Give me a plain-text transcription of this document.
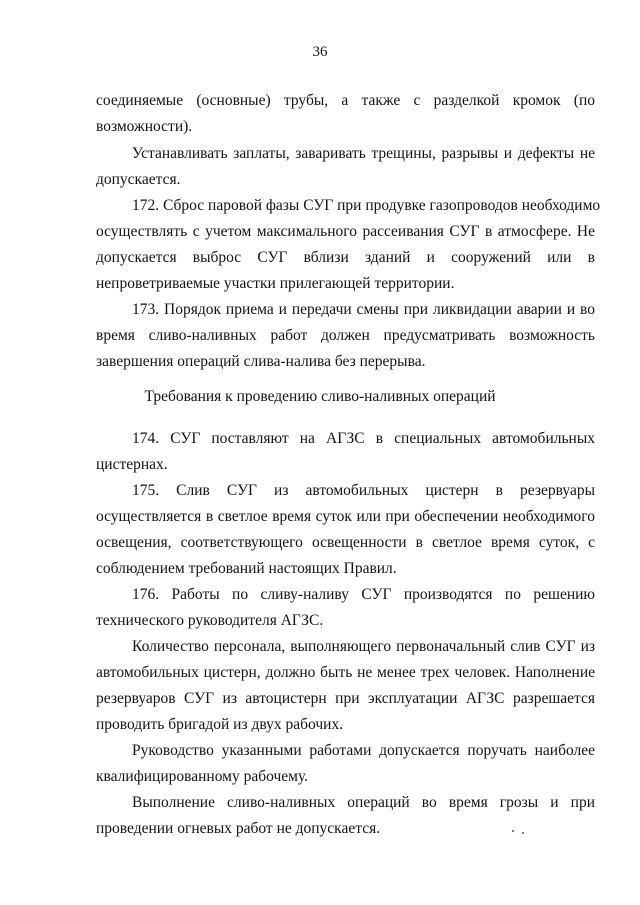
36
соединяемые (основные) трубы, а также с разделкой кромок (по
возможности).
Устанавливать заплаты, заваривать трещины, разрывы и дефекты не
допускается.
172. Сброс паровой фазы СУГ при продувке газопроводов необходимо
осуществлять с учетом максимального рассеивания СУГ в атмосфере. Не
допускается выброс СУГ вблизи зданий и сооружений или в
непроветриваемые участки прилегающей территории.
173. Порядок приема и передачи смены при ликвидации аварии и во
время сливо-наливных работ должен предусматривать возможность
завершения операций слива-налива без перерыва.
Требования к проведению сливо-наливных операций
174. СУГ поставляют на АГЗС в специальных автомобильных
цистернах.
175. Слив СУГ из автомобильных цистерн в резервуары
осуществляется в светлое время суток или при обеспечении необходимого
освещения, соответствующего освещенности в светлое время суток, с
соблюдением требований настоящих Правил.
176. Работы по сливу-наливу СУГ производятся по решению
технического руководителя АГЗС.
Количество персонала, выполняющего первоначальный слив СУГ из
автомобильных цистерн, должно быть не менее трех человек. Наполнение
резервуаров СУГ из автоцистерн при эксплуатации АГЗС разрешается
проводить бригадой из двух рабочих.
Руководство указанными работами допускается поручать наиболее
квалифицированному рабочему.
Выполнение сливо-наливных операций во время грозы и при
проведении огневых работ не допускается.
